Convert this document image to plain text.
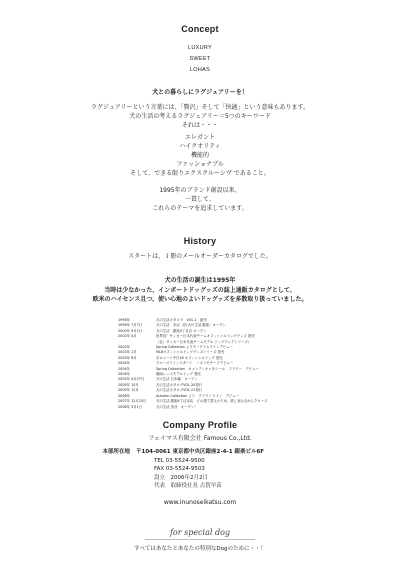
Concept
LUXURY
SWEET
LOHAS
犬との暮らしにラグジュアリーを！
ラグジュアリーという言葉には、「贅沢」そして「快適」という意味もあります。
犬の生活の考えるラグジュアリー＝5つのキーワード
それは・・・
エレガント
ハイクオリティ
機能的
ファッショナブル
そして、できる限りエクスクルーシヴ であること。
1995年のブランド創設以来、
一貫して、
これらのテーマを追求しています。
History
スタートは、１冊のメールオーダーカタログでした。
犬の生活の誕生は1995年
当時は少なかった、インポートドッグッズの誌上通販カタログとして、
欧米のハイセンス且つ、使い心地のよいドッグッズを多数取り扱っていました。
1996年	犬の生活カタログ　VOL.1　創刊
1999年 7月7日	犬の生活　本店（旧:犬の生活 銀座）オープン
2000年 9月1日	犬の生活　銀座4丁目店 オープン
2002年 4月	世界初！サッカー日本代表チームオフィシャルドッググッズ 発売
（社）サッカー日本代表チームモデル ドッグウェアシリーズ）
2002年	Spring Collection よりモノグラムラインデビュー
2003年 1月	MLBオフィシャルドッググッズシリーズ 発売
2003年 6月	ポロニー☆中日16 オフィシャルドッグ 発売
2004年	クルーズラインスタート　ノカリモチーフデビュー
2004年	Spring Collection　キャンディキャモシール　フラワー　デビュー
2004年	湘南レッズモデルドッグ 発売
2005年 4月27日	犬の生活 日本橋　オープン
2005年 10月	犬の生活カタログVOL.20発行
2005年 12月	犬の生活カタログVOL.21発行
2006年	Autumn Collection より　クラウンライン　デビュー
2007年 12月25日	犬の生活 銀座6丁目本店　ビル建て替えのため、惜しまれながらクローズ
2008年 3月1日	犬の生活 渋谷　オープン！
Company Profile
フェイマス有限会社 Famous Co.,Ltd.
本部所在地	〒104-0061 東京都中央区銀座2-4-1 銀楽ビル6F
TEL 03-5524-9500
FAX 03-5524-9503
設立　2006年2月2日
代表　取締役社長 古賀早苗
www.inunoseikatsu.com
for special dog
すべてはあなたとあなたの特別なDogのために・・！
